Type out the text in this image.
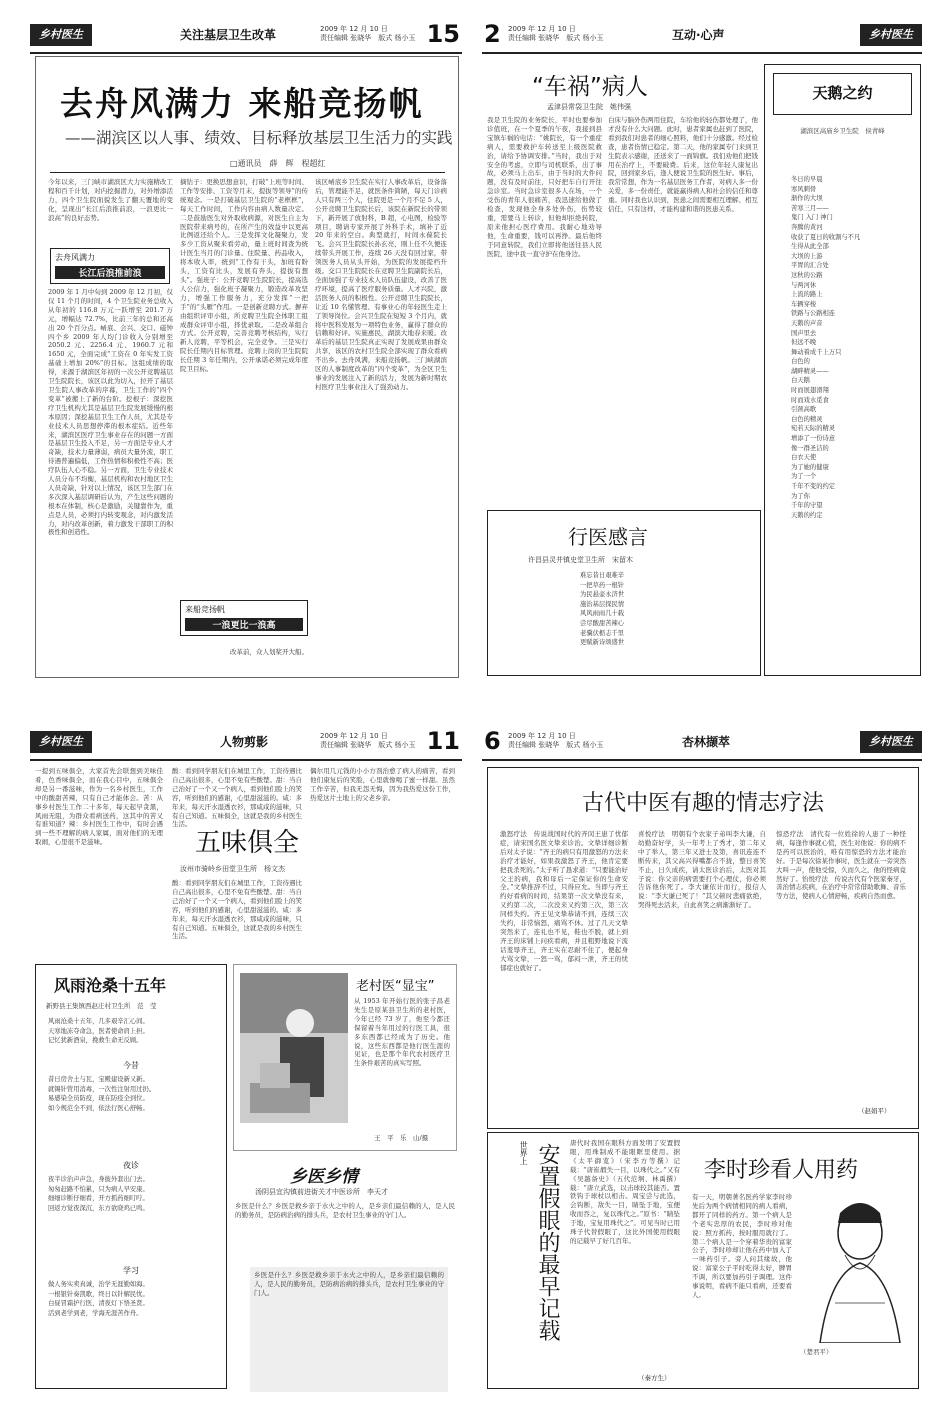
乡村医生	关注基层卫生改革	2009 年 12 月 10 日
责任编辑 张晓华　版式 杨小玉 15
去舟风满力 来船竞扬帆
——湖滨区以人事、绩效、目标释放基层卫生活力的实践
□通讯员　薛　辉　程超红
今年以来，三门峡市湖滨区大力实施精改工程和百千计划，对内挖掘潜力，对外增添活力，四个卫生院面貌发生了翻天覆地的变化，呈现出“长江后浪推前浪，一浪更比一浪高”的良好态势。
去舟风满力
长江后浪推前浪
2009 年 1 月中旬到 2009 年 12 月初，仅仅 11 个月的时间，4 个卫生院业务总收入从年初的 116.8 万元一跃增至 201.7 万元，增幅达 72.7%，比前三年的总和还高出 20 个百分点。崤底、会兴、交口、磁钟四个乡 2009 年人均门诊收入分别增至 2050.2 元、2256.4 元、1960.7 元和 1650 元，全面完成“工资在 0 年实发工资基础上增加 20%”的目标。这组成绩的取得，来源于湖滨区年初的一次公开竞聘基层卫生院院长，该区以此为切入，拉开了基层卫生院人事改革的序幕，卫生工作的“四个变革”被搬上了新的台阶。挖根子：深挖医疗卫生机构尤其是基层卫生院发展缓慢的根本原因；深挖基层卫生工作人员，尤其是专业技术人员思想停滞的根本症结。近些年来，湖滨区医疗卫生事业存在的问题一方面是基层卫生投入不足，另一方面是专业人才奇缺，技术力量薄弱，病员大量外流，职工待遇普遍偏低，工作热情和积极性不高；医疗队伍人心不稳。另一方面，卫生专业技术人员分布不均衡，基层机构和农村地区卫生人员奇缺，针对以上情况，该区卫生部门在多次深入基层调研后认为，产生这些问题的根本在体制，核心是激励，关键靠作为，重点是人员，必须打内转变观念，对内激发活力，对内改革创新，着力激发干部职工的积极性和创造性。
摘钻子：更换思想意识，打破“上班等时间、工作等安排、工资等月末，提拔等领导”的传统观念。一是打破基层卫生院的“老框框”，每天工作时间，工作内容由病人数量决定。二是鼓励医生对外取收病源，对医生自主为医院带来病号的，在所产生的效益中以更高比例返还给个人。三是发挥文化凝聚力，发多少工资从聚来看劳动，量上班时间查为统计医生当月的门诊量、住院量、药品收入，将本收入率，统到“工作有干头，加班有盼头，工资有比头，发展有奔头，提拔有想头”。强班子：公开竞聘卫生院院长，提高选人公信力，强化班子凝聚力，锻造改革攻坚力，增强工作服务力，充分发挥“一把手”的“头雁”作用。一是创新竞聘方式。摒弃由组织评审小组，所竞聘卫生院全体职工组成群众评审小组，择优录取。二是改革组合方式。公开竞聘，完善竞聘考核结构，实行新人竞聘，平等机会，完全竞争。三是实行院长任期内目标管理。竞聘上岗的卫生院院长任期 3 年任期内，公开承诺必须完成年度院卫目标。
来船竞扬帆
一浪更比一浪高
该区崤底乡卫生院在实行人事改革后，设备落后，管理能不足，就医条件简陋，每天门诊病人只有两三个人，住院更是一个月不足 5 人，公开竞聘卫生院院长后，该院在新院长的带领下，新开展了放射科，B 超，心电图，检验等项目，聘请专家开展了外科手术，填补了近 20 年来的空白。典型就打，时间永葆院长飞。会兴卫生院院长孙玄亮，刚上任不久便连续带头开展工作，连续 26 天没有回过家，带领医务人员从头开始，为医院的发展提档升级。交口卫生院院长在竞聘卫生院副院长后，全面加强了专业技术人员队伍建设，改善了医疗环境，提高了医疗服务质量。人才兴院，激活医务人员的积极性。公开竞聘卫生院院长，让近 10 名懂管理、有事业心的年轻医生走上了领导岗位。会兴卫生院在短短 3 个月内，就将中医科发展为一项特色业务，赢得了群众的信赖和好评。实施惠民，湖滨大地春来暖。改革后的基层卫生院真正实现了发展成果由群众共享，该区的农村卫生院全部实现了群众看病不出乡。去舟风满，来船竞扬帆。三门峡湖滨区的人事制度改革的“四个变革”，为全区卫生事业的发展注入了新的活力，发展为新时期农村医疗卫生事业注入了强劲动力。
改革前，众人划桨开大船。
2 2009 年 12 月 10 日
责任编辑 张晓华　版式 杨小玉	互动·心声	乡村医生
“车祸”病人
孟津县常袋卫生院　姚伟强
我是卫生院的业务院长，平时也要参加诊值班，在一个夏季的午夜，我接到县宝镇车祸的电话：“姚院长，有一个重症病人，需要救护车转送至上级医院救治，请给予协调安排。”当时，我出于对安全的考虑，立即与司机联系，出了事故，必须马上出车，由于当时的大件问题，没有及时前往，只好把车自行开往急诊室。当时急诊室很多人在场，一个受伤的青年人很痛苦，我迅速给他做了检查，发现他全身多处外伤，伤势较重，需要马上转诊，但他却拒绝转院，原来他担心医疗费用。我耐心地劝导他，生命重要，钱可以再挣。最后他终于同意转院，我们立即将他送往县人民医院，途中我一直守护在他身边。
白床与脑外伤两用住院，车给他的轻伤都处理了，他才没有什么大问题。此时，患者家属也赶到了医院，看到我们对患者的细心照料，他们十分感激。经过检查，患者伤情已稳定。第二天，他的家属专门来到卫生院表示感谢，还送来了一面锦旗。我们劝他们把钱用在治疗上，不要破费。后来，这位年轻人康复出院，回到家乡后，逢人便说卫生院的医生好。事后，我常常想，作为一名基层医务工作者，对病人多一份关爱，多一份责任，就能赢得病人和社会的信任和尊重。同时我也认识到，医患之间需要相互理解、相互信任，只有这样，才能构建和谐的医患关系。
天鹅之约
湖滨区高庙乡卫生院　侯青峰
冬日的早晨
寒风刺骨
渐作的大坝
苦寒三月——
鬼门 入门 神门
奔腾的黄河
收获了夏日的收割与不凡
生得从此全部
大坝的上游
平胃的汇合处
这秋的公路
与两河休
上流的路上
车辆穿梭
铁路与公路相连
天鹅的声音
国声里去
但远不晚
舞动着成千上万只
白色的
湖畔精灵——
白天鹅
时而展翅滑翔
时而戏水觅食
引颈高歌
白色的精灵
宛若天际的精灵
增添了一份诗意
像一群圣洁的
白衣天使
为了她的健康
为了一个
千年不变的约定
为了你
千年的守望
天鹅的约定
行医感言
许昌县灵井镇史堂卫生所　宋留木
难忘昔日艰难辛
一把草药一根针
为民悬壶永济世
施治基层探民情
风风雨雨几十载
尝尽酸甜苦辣心
老骥伏枥志千里
更赋新诗颂盛世
乡村医生	人物剪影	2009 年 12 月 10 日
责任编辑 张晓华　版式 杨小玉 11
一提到五味俱全，大家首先会联想到美味佳肴，色香味俱全，而在我心目中，五味俱全却是另一番滋味，作为一名乡村医生，工作中的酸甜苦辣，只有自己才能体会。苦：从事乡村医生工作二十多年，每天起早贪黑，风雨无阻，为群众看病送药，这其中的苦又有谁知道？辣：乡村医生工作中，有时会遇到一些不理解的病人家属，面对他们的无理取闹，心里很不是滋味。
酸：看到同学朋友们在城里工作，工资待遇比自己高出很多，心里不免有些酸楚。甜：当自己治好了一个又一个病人，看到他们脸上的笑容，听到他们的感谢，心里甜滋滋的。咸：多年来，每天汗水湿透衣衫，那咸咸的滋味，只有自己知道。五味俱全，这就是我的乡村医生生活。
五味俱全
汝州市骑岭乡田堂卫生所　杨文杰
酸：看到同学朋友们在城里工作，工资待遇比自己高出很多，心里不免有些酸楚。甜：当自己治好了一个又一个病人，看到他们脸上的笑容，听到他们的感谢，心里甜滋滋的。咸：多年来，每天汗水湿透衣衫，那咸咸的滋味，只有自己知道。五味俱全，这就是我的乡村医生生活。
偶尔用几元钱的小小方剂治愈了病人的痛苦，看到他们康复后的笑脸，心里就像喝了蜜一样甜。虽然工作辛苦，但我无怨无悔，因为我热爱这份工作，热爱这片土地上的父老乡亲。
风雨沧桑十五年
新野县王集镇西赵庄村卫生所　范　莹
风雨沧桑十五年，几多艰辛汇心间。
天寒地冻夺命急，医者使命肩上担。
记忆犹新酒泉，挽救生命无反顾。
今昔
昔日房舍土与瓦，宝殿建设新又新。
就锡针管用消毒，一次性注射用过扔。
易感染全员防疫，现在防疫全到位。
如今规范全不到，依法行医心舒畅。
夜诊
夜半诊治声声急，身披外套出门去。
匆匆赶路不怕累，只为病人早安康。
细细诊断仔细看，开方抓药细叮咛。
回返方觉夜深沉，东方欲晓鸡已鸣。
学习
做人务实卖真诚，治学无涯勤如海。
一根银针奏凯歌，终日以针解民忧。
白昼冒霜护行医，清夜灯下悟圣贤。
活到老学到老，学海无涯苦作舟。
老村医“显宝”
从 1953 年开始行医的张子昌老先生是原某县卫生所的老村医，今年已经 73 岁了，他至今都还保留着当年用过的行医工具，很多东西都已经成为了历史。他说，这些东西都是他行医生涯的见证，也是那个年代农村医疗卫生条件艰苦的真实写照。
王　平　乐　山/摄
乡医乡情
汤阴县宜沟镇前进街关才中医诊所　李天才
乡医是什么？乡医是救乡亲于水火之中的人，是乡亲们最信赖的人，是人民的勤务员，是防病治病的排头兵，是农村卫生事业的守门人。
乡医是什么？乡医是救乡亲于水火之中的人，是乡亲们最信赖的人，是人民的勤务员，是防病治病的排头兵，是农村卫生事业的守门人。
6 2009 年 12 月 10 日
责任编辑 张晓华　版式 杨小玉	杏林撷萃	乡村医生
古代中医有趣的情志疗法
激怒疗法　传说战国时代的齐闵王患了忧郁症，请宋国名医文挚来诊治。文挚详细诊断后对太子说：“齐王的病只有用激怒的方法来治疗才能好，如果我激怒了齐王，他肯定要把我杀死的。”太子听了恳求道：“只要能治好父王的病，我和母后一定保证你的生命安全。”文挚推辞不过，只得应允。当即与齐王约好看病的时间，结果第一次文挚没有来，又约第二次，二次没来又约第三次，第三次同样失约。齐王见文挚恭请不到，连续三次失约，非常恼怒，痛骂不休。过了几天文挚突然来了，连礼也不见，鞋也不脱，就上到齐王的床铺上问疾看病，并且粗野地说下流话羞辱齐王，齐王实在忍耐不住了，便起身大骂文挚，一怒一骂，郁闷一泄，齐王的忧郁症也就好了。
喜悦疗法　明朝有个农家子弟叫李大谦，自幼勤奋好学，头一年考上了秀才，第二年又中了举人，第三年又进士及第，喜讯连连不断传来，其父高兴得嘴都合不拢，整日喜笑不止，日久成疾，请太医诊治后，太医对其子说：你父亲的病需要打个心理仗，你必须告诉他你死了。李大谦依计而行，报信人说：“李大谦已死了！”其父顿时悲痛欲绝，哭得死去活来，自此喜笑之病渐渐好了。
惊恐疗法　清代有一位姓徐的人患了一种怪病，每逢作事就心慌，医生对他说：你的病不是药可以医治的，唯有用惊恐的方法才能治好。于是每次徐某作事时，医生就在一旁突然大叫一声，使他受惊，久而久之，他的怪病竟然好了。怡悦疗法　传说古代有个医家秦牙，善治情志疾病，在治疗中常常借助歌舞、音乐等方法，使病人心情舒畅，疾病自然而愈。
（赵娟平）
世界上 安置假眼的最早记载 唐代时我国在眼科方面发明了安置假眼，用珠制成不能眼眶里使用。据《太平御览》（宋李方等撰）记载：“唐崔嘏失一目，以珠代之。”又有《吴越备史》（五代范坰、林禹撰）载：“唐立武选，以击球较其能否。置铁钩于球杖以相击。周宝尝与此选，会钩断，敌失一目，睛坠于地，宝便收而吞之，复以珠代之。”原书：“睛坠于地，宝复用珠代之”。可见当时已用珠子代替假眼了，这比外国使用假眼的记载早了好几百年。
（秦方生）
李时珍看人用药
有一天，明朝著名医药学家李时珍先后为两个病情相同的病人看病，都开了同样的药方。第一个病人是个老实忠厚的农民，李时珍对他说：照方抓药，按时服用就行了。第二个病人是一个穿着华贵的富家公子，李时珍却让他在药中加入了一味药引子。旁人问其缘故，他说：富家公子平时吃得太好，脾胃不调，所以要加药引子调理。这件事说明，看病不能只看病，还要看人。
（楚君平）
